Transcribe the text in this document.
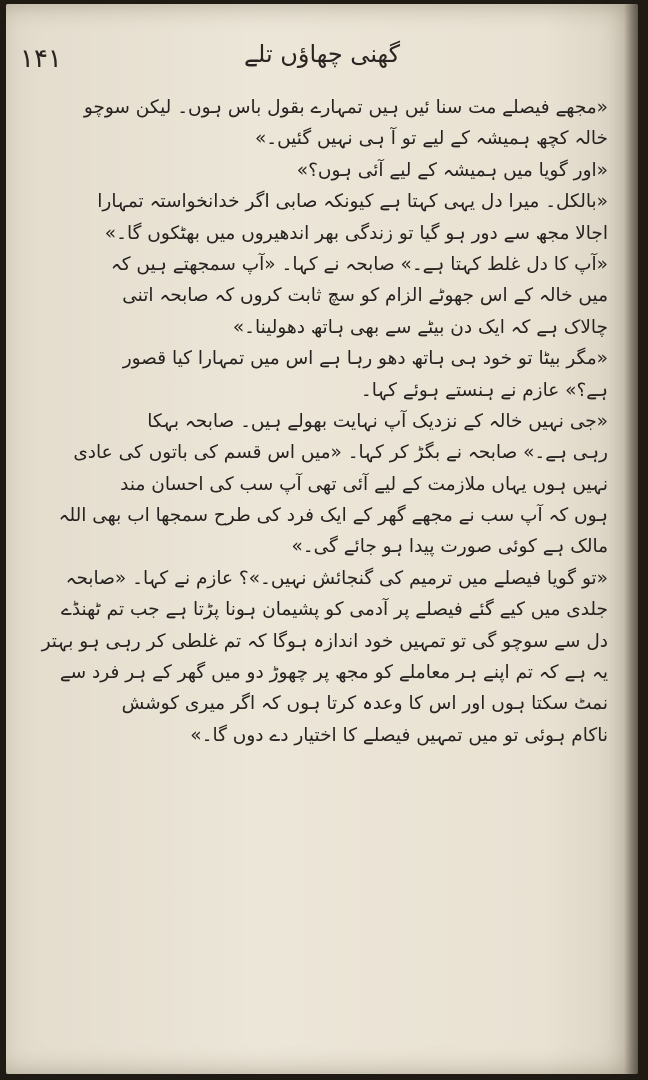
۱۴۱	گھنی چھاؤں تلے
«مجھے فیصلے مت سنا ئیں ہیں تمہارے بقول باس ہوں۔ لیکن سوچو
خالہ کچھ ہمیشہ کے لیے تو آ ہی نہیں گئیں۔»
«اور گویا میں ہمیشہ کے لیے آئی ہوں؟»
«بالکل۔ میرا دل یہی کہتا ہے کیونکہ صابی اگر خدانخواستہ تمہارا
اجالا مجھ سے دور ہو گیا تو زندگی بھر اندھیروں میں بھٹکوں گا۔»
«آپ کا دل غلط کہتا ہے۔» صابحہ نے کہا۔ «آپ سمجھتے ہیں کہ
میں خالہ کے اس جھوٹے الزام کو سچ ثابت کروں کہ صابحہ اتنی
چالاک ہے کہ ایک دن بیٹے سے بھی ہاتھ دھولینا۔»
«مگر بیٹا تو خود ہی ہاتھ دھو رہا ہے اس میں تمہارا کیا قصور
ہے؟» عازم نے ہنستے ہوئے کہا۔
«جی نہیں خالہ کے نزدیک آپ نہایت بھولے ہیں۔ صابحہ بہکا
رہی ہے۔» صابحہ نے بگڑ کر کہا۔ «میں اس قسم کی باتوں کی عادی
نہیں ہوں یہاں ملازمت کے لیے آئی تھی آپ سب کی احسان مند
ہوں کہ آپ سب نے مجھے گھر کے ایک فرد کی طرح سمجھا اب بھی اللہ
مالک ہے کوئی صورت پیدا ہو جائے گی۔»
«تو گویا فیصلے میں ترمیم کی گنجائش نہیں۔»؟ عازم نے کہا۔ «صابحہ
جلدی میں کیے گئے فیصلے پر آدمی کو پشیمان ہونا پڑتا ہے جب تم ٹھنڈے
دل سے سوچو گی تو تمہیں خود اندازہ ہوگا کہ تم غلطی کر رہی ہو بہتر
یہ ہے کہ تم اپنے ہر معاملے کو مجھ پر چھوڑ دو میں گھر کے ہر فرد سے
نمٹ سکتا ہوں اور اس کا وعدہ کرتا ہوں کہ اگر میری کوشش
ناکام ہوئی تو میں تمہیں فیصلے کا اختیار دے دوں گا۔»
